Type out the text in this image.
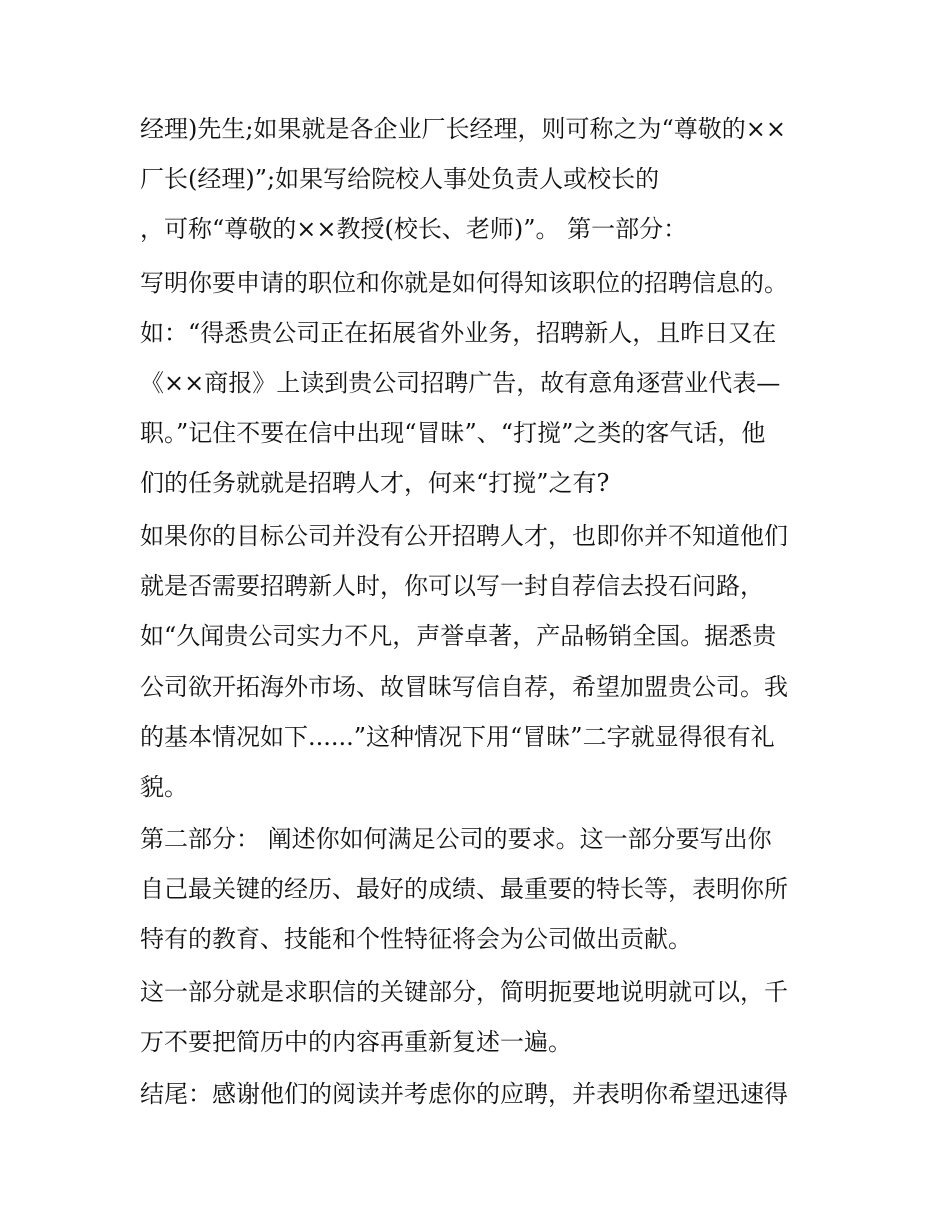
经理)先生;如果就是各企业厂长经理，则可称之为“尊敬的××
厂长(经理)”;如果写给院校人事处负责人或校长的
，可称“尊敬的××教授(校长、老师)”。 第一部分：
写明你要申请的职位和你就是如何得知该职位的招聘信息的。
如：“得悉贵公司正在拓展省外业务，招聘新人，且昨日又在
《××商报》上读到贵公司招聘广告，故有意角逐营业代表—
职。”记住不要在信中出现“冒昧”、“打搅”之类的客气话，他
们的任务就就是招聘人才，何来“打搅”之有?
如果你的目标公司并没有公开招聘人才，也即你并不知道他们
就是否需要招聘新人时，你可以写一封自荐信去投石问路，
如“久闻贵公司实力不凡，声誉卓著，产品畅销全国。据悉贵
公司欲开拓海外市场、故冒昧写信自荐，希望加盟贵公司。我
的基本情况如下......”这种情况下用“冒昧”二字就显得很有礼
貌。
第二部分： 阐述你如何满足公司的要求。这一部分要写出你
自己最关键的经历、最好的成绩、最重要的特长等，表明你所
特有的教育、技能和个性特征将会为公司做出贡献。
这一部分就是求职信的关键部分，简明扼要地说明就可以，千
万不要把简历中的内容再重新复述一遍。
结尾：感谢他们的阅读并考虑你的应聘，并表明你希望迅速得
